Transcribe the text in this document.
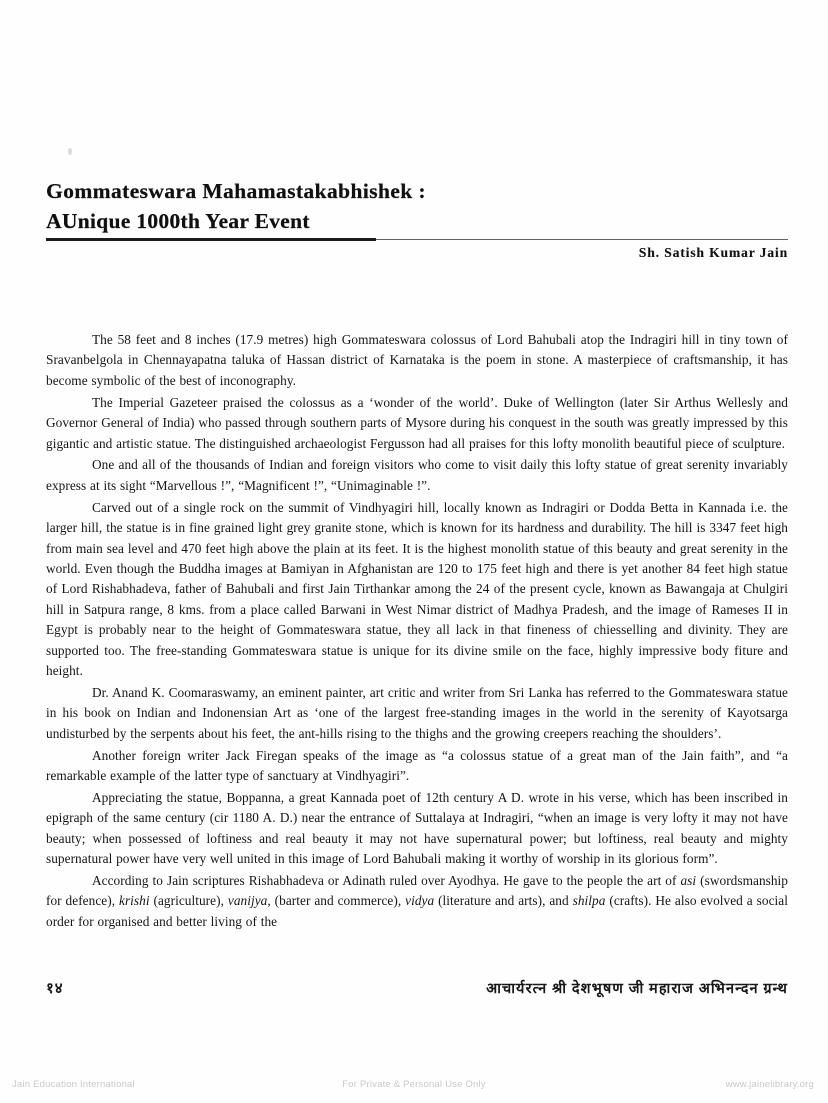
Gommateswara Mahamastakabhishek :
AUnique 1000th Year Event
Sh. Satish Kumar Jain

The 58 feet and 8 inches (17.9 metres) high Gommateswara colossus of Lord Bahubali atop the Indragiri hill in tiny town of Sravanbelgola in Chennayapatna taluka of Hassan district of Karnataka is the poem in stone. A masterpiece of craftsmanship, it has become symbolic of the best of inconography.

The Imperial Gazeteer praised the colossus as a ‘wonder of the world’. Duke of Wellington (later Sir Arthus Wellesly and Governor General of India) who passed through southern parts of Mysore during his conquest in the south was greatly impressed by this gigantic and artistic statue. The distinguished archaeologist Fergusson had all praises for this lofty monolith beautiful piece of sculpture.

One and all of the thousands of Indian and foreign visitors who come to visit daily this lofty statue of great serenity invariably express at its sight “Marvellous !”, “Magnificent !”, “Unimaginable !”.

Carved out of a single rock on the summit of Vindhyagiri hill, locally known as Indragiri or Dodda Betta in Kannada i.e. the larger hill, the statue is in fine grained light grey granite stone, which is known for its hardness and durability. The hill is 3347 feet high from main sea level and 470 feet high above the plain at its feet. It is the highest monolith statue of this beauty and great serenity in the world. Even though the Buddha images at Bamiyan in Afghanistan are 120 to 175 feet high and there is yet another 84 feet high statue of Lord Rishabhadeva, father of Bahubali and first Jain Tirthankar among the 24 of the present cycle, known as Bawangaja at Chulgiri hill in Satpura range, 8 kms. from a place called Barwani in West Nimar district of Madhya Pradesh, and the image of Rameses II in Egypt is probably near to the height of Gommateswara statue, they all lack in that fineness of chiesselling and divinity. They are supported too. The free-standing Gommateswara statue is unique for its divine smile on the face, highly impressive body fiture and height.

Dr. Anand K. Coomaraswamy, an eminent painter, art critic and writer from Sri Lanka has referred to the Gommateswara statue in his book on Indian and Indonensian Art as ‘one of the largest free-standing images in the world in the serenity of Kayotsarga undisturbed by the serpents about his feet, the ant-hills rising to the thighs and the growing creepers reaching the shoulders’.

Another foreign writer Jack Firegan speaks of the image as “a colossus statue of a great man of the Jain faith”, and “a remarkable example of the latter type of sanctuary at Vindhyagiri”.

Appreciating the statue, Boppanna, a great Kannada poet of 12th century A D. wrote in his verse, which has been inscribed in epigraph of the same century (cir 1180 A. D.) near the entrance of Suttalaya at Indragiri, “when an image is very lofty it may not have beauty; when possessed of loftiness and real beauty it may not have supernatural power; but loftiness, real beauty and mighty supernatural power have very well united in this image of Lord Bahubali making it worthy of worship in its glorious form”.

According to Jain scriptures Rishabhadeva or Adinath ruled over Ayodhya. He gave to the people the art of asi (swordsmanship for defence), krishi (agriculture), vanijya, (barter and commerce), vidya (literature and arts), and shilpa (crafts). He also evolved a social order for organised and better living of the

१४	आचार्यरत्न श्री देशभूषण जी महाराज अभिनन्दन ग्रन्थ
Jain Education International	For Private & Personal Use Only	www.jainelibrary.org
